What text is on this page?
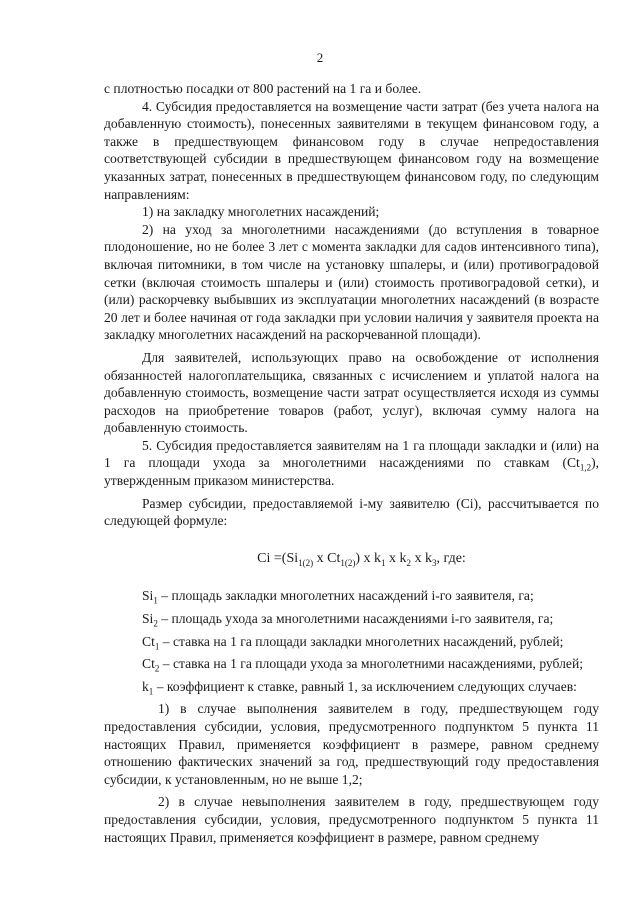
2

с плотностью посадки от 800 растений на 1 га и более.

4. Субсидия предоставляется на возмещение части затрат (без учета налога на добавленную стоимость), понесенных заявителями в текущем финансовом году, а также в предшествующем финансовом году в случае непредоставления соответствующей субсидии в предшествующем финансовом году на возмещение указанных затрат, понесенных в предшествующем финансовом году, по следующим направлениям:

1) на закладку многолетних насаждений;

2) на уход за многолетними насаждениями (до вступления в товарное плодоношение, но не более 3 лет с момента закладки для садов интенсивного типа), включая питомники, в том числе на установку шпалеры, и (или) противоградовой сетки (включая стоимость шпалеры и (или) стоимость противоградовой сетки), и (или) раскорчевку выбывших из эксплуатации многолетних насаждений (в возрасте 20 лет и более начиная от года закладки при условии наличия у заявителя проекта на закладку многолетних насаждений на раскорчеванной площади).

Для заявителей, использующих право на освобождение от исполнения обязанностей налогоплательщика, связанных с исчислением и уплатой налога на добавленную стоимость, возмещение части затрат осуществляется исходя из суммы расходов на приобретение товаров (работ, услуг), включая сумму налога на добавленную стоимость.

5. Субсидия предоставляется заявителям на 1 га площади закладки и (или) на 1 га площади ухода за многолетними насаждениями по ставкам $(Ct_{1,2})$, утвержденным приказом министерства.

Размер субсидии, предоставляемой i-му заявителю (Ci), рассчитывается по следующей формуле:

$Ci =(Si_{1(2)}$ x $Ct_{1(2)}$) x $k_1$ x $k_2$ x $k_3$, где:

$Si_1$ – площадь закладки многолетних насаждений i-го заявителя, га;

$Si_2$ – площадь ухода за многолетними насаждениями i-го заявителя, га;

$Ct_1$ – ставка на 1 га площади закладки многолетних насаждений, рублей;

$Ct_2$ – ставка на 1 га площади ухода за многолетними насаждениями, рублей;

$k_1$ – коэффициент к ставке, равный 1, за исключением следующих случаев:

1) в случае выполнения заявителем в году, предшествующем году предоставления субсидии, условия, предусмотренного подпунктом 5 пункта 11 настоящих Правил, применяется коэффициент в размере, равном среднему отношению фактических значений за год, предшествующий году предоставления субсидии, к установленным, но не выше 1,2;

2) в случае невыполнения заявителем в году, предшествующем году предоставления субсидии, условия, предусмотренного подпунктом 5 пункта 11 настоящих Правил, применяется коэффициент в размере, равном среднему
